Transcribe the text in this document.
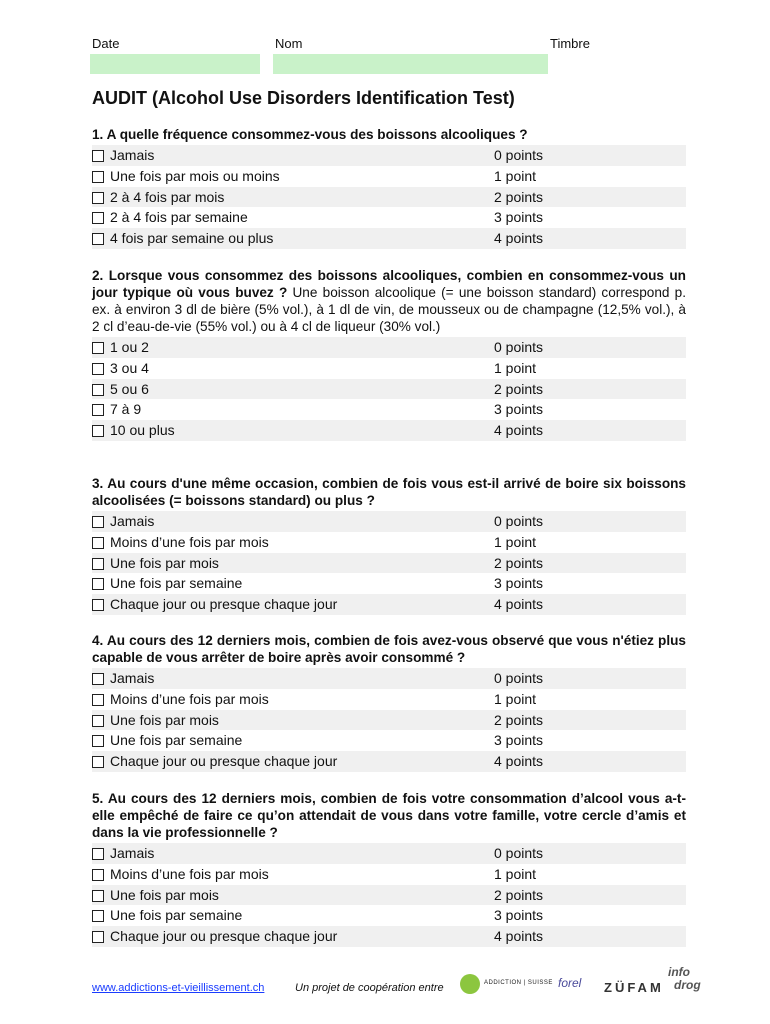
Date	Nom	Timbre
AUDIT (Alcohol Use Disorders Identification Test)
1. A quelle fréquence consommez-vous des boissons alcooliques ?
Jamais	0 points
Une fois par mois ou moins	1 point
2 à 4 fois par mois	2 points
2 à 4 fois par semaine	3 points
4 fois par semaine ou plus	4 points
2. Lorsque vous consommez des boissons alcooliques, combien en consommez-vous un jour typique où vous buvez ? Une boisson alcoolique (= une boisson standard) correspond p. ex. à environ 3 dl de bière (5% vol.), à 1 dl de vin, de mousseux ou de champagne (12,5% vol.), à 2 cl d’eau-de-vie (55% vol.) ou à 4 cl de liqueur (30% vol.)
1 ou 2	0 points
3 ou 4	1 point
5 ou 6	2 points
7 à 9	3 points
10 ou plus	4 points
3. Au cours d'une même occasion, combien de fois vous est-il arrivé de boire six boissons alcoolisées (= boissons standard) ou plus ?
Jamais	0 points
Moins d’une fois par mois	1 point
Une fois par mois	2 points
Une fois par semaine	3 points
Chaque jour ou presque chaque jour	4 points
4. Au cours des 12 derniers mois, combien de fois avez-vous observé que vous n'étiez plus capable de vous arrêter de boire après avoir consommé ?
Jamais	0 points
Moins d’une fois par mois	1 point
Une fois par mois	2 points
Une fois par semaine	3 points
Chaque jour ou presque chaque jour	4 points
5. Au cours des 12 derniers mois, combien de fois votre consommation d’alcool vous a-t-elle empêché de faire ce qu’on attendait de vous dans votre famille, votre cercle d’amis et dans la vie professionnelle ?
Jamais	0 points
Moins d’une fois par mois	1 point
Une fois par mois	2 points
Une fois par semaine	3 points
Chaque jour ou presque chaque jour	4 points
www.addictions-et-vieillissement.ch	Un projet de coopération entre	ADDICTION | SUISSE forel ZÜFAM
info
drog
